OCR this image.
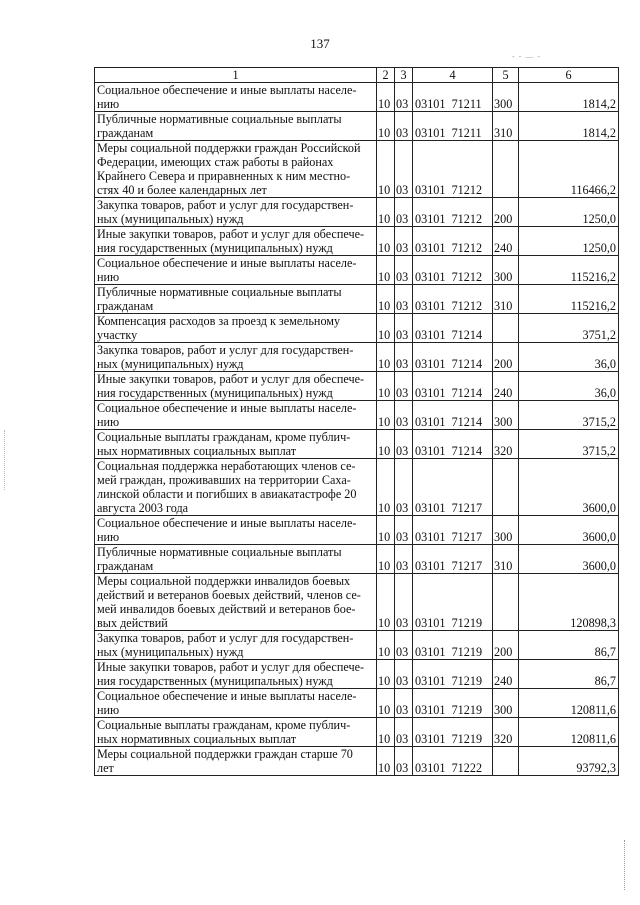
137
- - — -
1	2	3	4	5	6
Социальное обеспечение и иные выплаты населе-
нию	10	03	03101  71211	300	1814,2
Публичные нормативные социальные выплаты
гражданам	10	03	03101  71211	310	1814,2
Меры социальной поддержки граждан Российской
Федерации, имеющих стаж работы в районах
Крайнего Севера и приравненных к ним местно-
стях 40 и более календарных лет	10	03	03101  71212		116466,2
Закупка товаров, работ и услуг для государствен-
ных (муниципальных) нужд	10	03	03101  71212	200	1250,0
Иные закупки товаров, работ и услуг для обеспече-
ния государственных (муниципальных) нужд	10	03	03101  71212	240	1250,0
Социальное обеспечение и иные выплаты населе-
нию	10	03	03101  71212	300	115216,2
Публичные нормативные социальные выплаты
гражданам	10	03	03101  71212	310	115216,2
Компенсация расходов за проезд к земельному
участку	10	03	03101  71214		3751,2
Закупка товаров, работ и услуг для государствен-
ных (муниципальных) нужд	10	03	03101  71214	200	36,0
Иные закупки товаров, работ и услуг для обеспече-
ния государственных (муниципальных) нужд	10	03	03101  71214	240	36,0
Социальное обеспечение и иные выплаты населе-
нию	10	03	03101  71214	300	3715,2
Социальные выплаты гражданам, кроме публич-
ных нормативных социальных выплат	10	03	03101  71214	320	3715,2
Социальная поддержка неработающих членов се-
мей граждан, проживавших на территории Саха-
линской области и погибших в авиакатастрофе 20
августа 2003 года	10	03	03101  71217		3600,0
Социальное обеспечение и иные выплаты населе-
нию	10	03	03101  71217	300	3600,0
Публичные нормативные социальные выплаты
гражданам	10	03	03101  71217	310	3600,0
Меры социальной поддержки инвалидов боевых
действий и ветеранов боевых действий, членов се-
мей инвалидов боевых действий и ветеранов бое-
вых действий	10	03	03101  71219		120898,3
Закупка товаров, работ и услуг для государствен-
ных (муниципальных) нужд	10	03	03101  71219	200	86,7
Иные закупки товаров, работ и услуг для обеспече-
ния государственных (муниципальных) нужд	10	03	03101  71219	240	86,7
Социальное обеспечение и иные выплаты населе-
нию	10	03	03101  71219	300	120811,6
Социальные выплаты гражданам, кроме публич-
ных нормативных социальных выплат	10	03	03101  71219	320	120811,6
Меры социальной поддержки граждан старше 70
лет	10	03	03101  71222		93792,3
